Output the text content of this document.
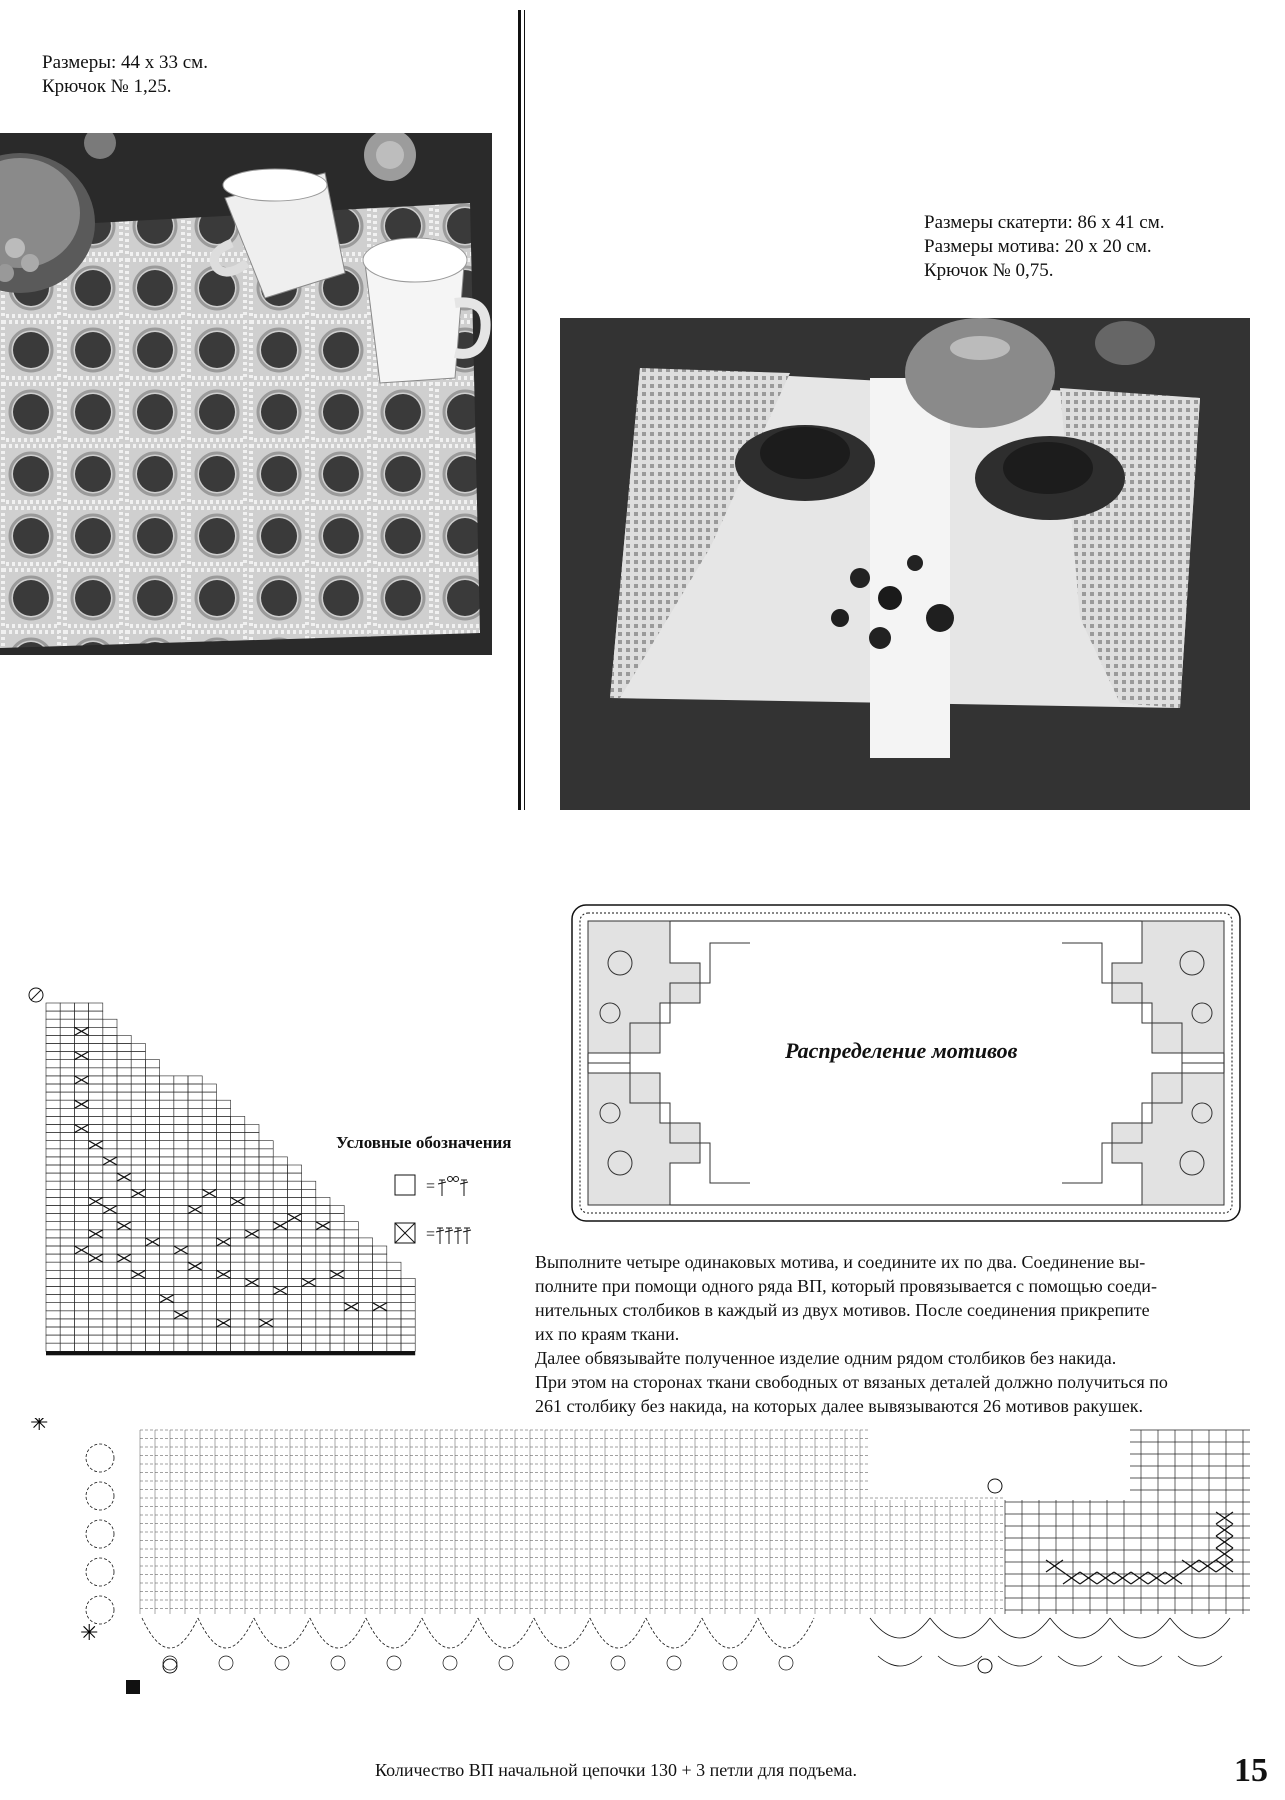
Размеры: 44 х 33 см.
Крючок № 1,25.
Размеры скатерти: 86 х 41 см.
Размеры мотива: 20 х 20 см.
Крючок № 0,75.
Распределение мотивов
Условные обозначения
=
=
Выполните четыре одинаковых мотива, и соедините их по два. Соединение вы-
полните при помощи одного ряда ВП, который провязывается с помощью соеди-
нительных столбиков в каждый из двух мотивов. После соединения прикрепите
их по краям ткани.
Далее обвязывайте полученное изделие одним рядом столбиков без накида.
При этом на сторонах ткани свободных от вязаных деталей должно получиться по
261 столбику без накида, на которых далее вывязываются 26 мотивов ракушек.
✳
✳
Количество ВП начальной цепочки 130 + 3 петли для подъема.	15
